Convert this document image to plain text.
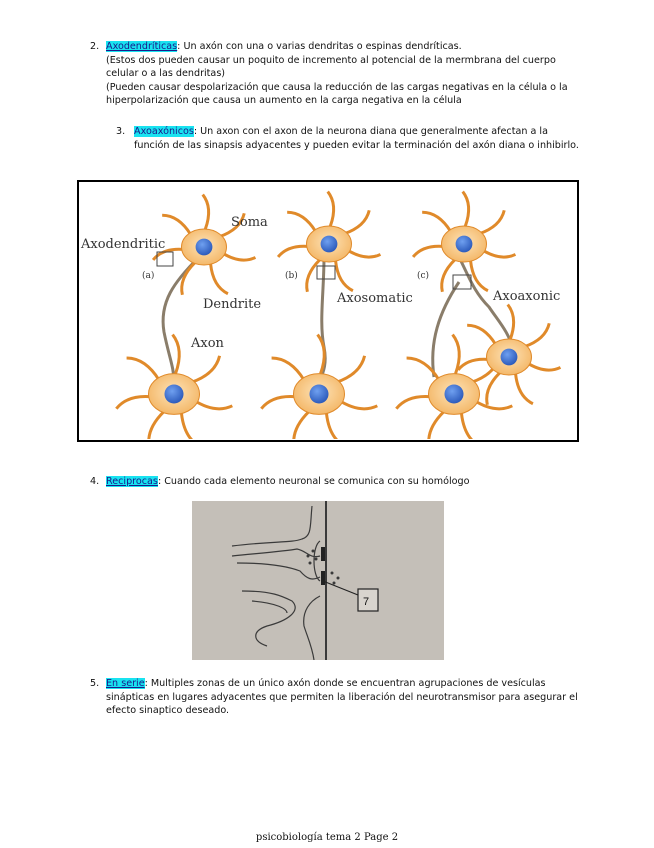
2. Axodendríticas: Un axón con una o varias dendritas o espinas dendríticas.
(Estos dos pueden causar un poquito de incremento al potencial de la mermbrana del cuerpo
celular o a las dendritas)
(Pueden causar despolarización que causa la reducción de las cargas negativas en la célula o la
hiperpolarización que causa un aumento en la carga negativa en la célula
3. Axoaxónicos: Un axon con el axon de la neurona diana que generalmente afectan a la
función de las sinapsis adyacentes y pueden evitar la terminación del axón diana o inhibirlo.
Soma
Axodendritic
(a)	(b)	(c)
Dendrite	Axosomatic	Axoaxonic
Axon
4. Reciprocas: Cuando cada elemento neuronal se comunica con su homólogo
7
5. En serie: Multiples zonas de un único axón donde se encuentran agrupaciones de vesículas
sinápticas en lugares adyacentes que permiten la liberación del neurotransmisor para asegurar el
efecto sinaptico deseado.
psicobiología tema 2 Page 2
